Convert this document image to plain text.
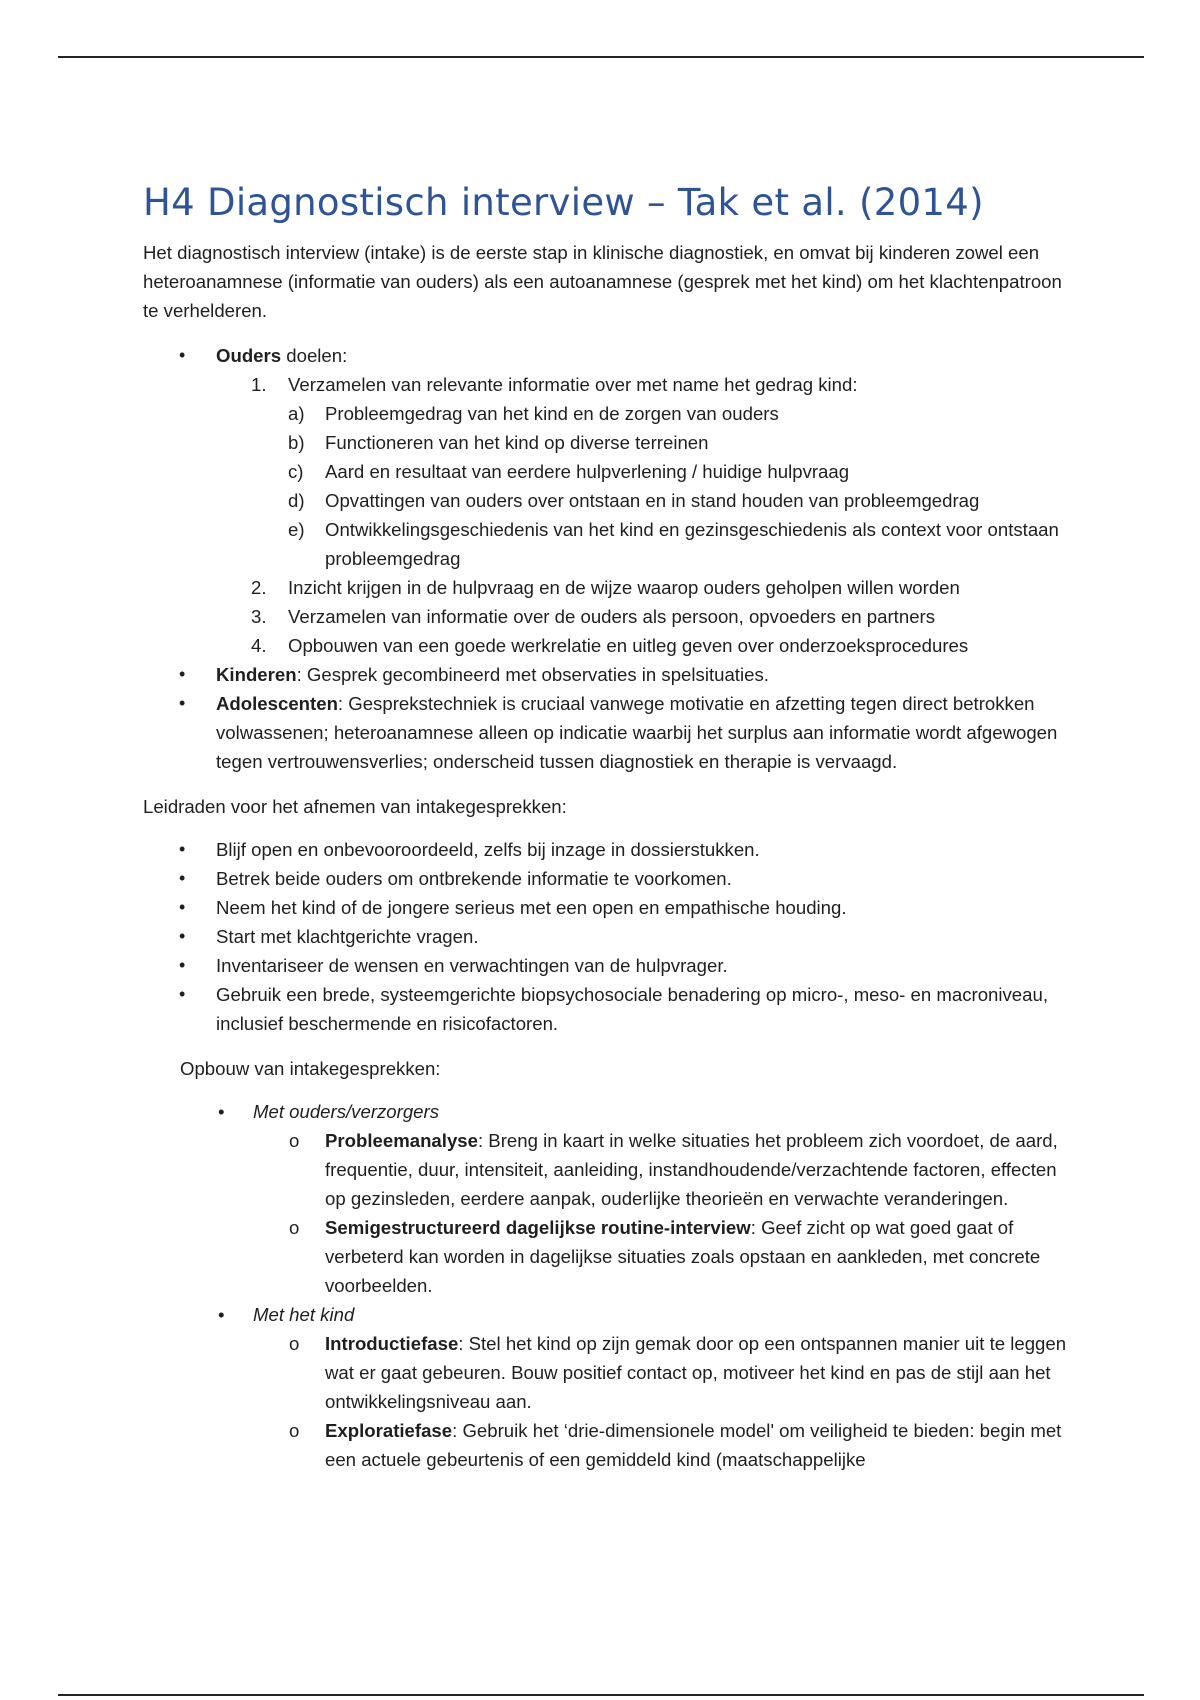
H4 Diagnostisch interview – Tak et al. (2014)

Het diagnostisch interview (intake) is de eerste stap in klinische diagnostiek, en omvat bij kinderen zowel een heteroanamnese (informatie van ouders) als een autoanamnese (gesprek met het kind) om het klachtenpatroon te verhelderen.

• Ouders doelen:
1. Verzamelen van relevante informatie over met name het gedrag kind:
a) Probleemgedrag van het kind en de zorgen van ouders
b) Functioneren van het kind op diverse terreinen
c) Aard en resultaat van eerdere hulpverlening / huidige hulpvraag
d) Opvattingen van ouders over ontstaan en in stand houden van probleemgedrag
e) Ontwikkelingsgeschiedenis van het kind en gezinsgeschiedenis als context voor ontstaan probleemgedrag
2. Inzicht krijgen in de hulpvraag en de wijze waarop ouders geholpen willen worden
3. Verzamelen van informatie over de ouders als persoon, opvoeders en partners
4. Opbouwen van een goede werkrelatie en uitleg geven over onderzoeksprocedures
• Kinderen: Gesprek gecombineerd met observaties in spelsituaties.
• Adolescenten: Gesprekstechniek is cruciaal vanwege motivatie en afzetting tegen direct betrokken volwassenen; heteroanamnese alleen op indicatie waarbij het surplus aan informatie wordt afgewogen tegen vertrouwensverlies; onderscheid tussen diagnostiek en therapie is vervaagd.

Leidraden voor het afnemen van intakegesprekken:

• Blijf open en onbevooroordeeld, zelfs bij inzage in dossierstukken.
• Betrek beide ouders om ontbrekende informatie te voorkomen.
• Neem het kind of de jongere serieus met een open en empathische houding.
• Start met klachtgerichte vragen.
• Inventariseer de wensen en verwachtingen van de hulpvrager.
• Gebruik een brede, systeemgerichte biopsychosociale benadering op micro-, meso- en macroniveau, inclusief beschermende en risicofactoren.

Opbouw van intakegesprekken:

• Met ouders/verzorgers
o Probleemanalyse: Breng in kaart in welke situaties het probleem zich voordoet, de aard, frequentie, duur, intensiteit, aanleiding, instandhoudende/verzachtende factoren, effecten op gezinsleden, eerdere aanpak, ouderlijke theorieën en verwachte veranderingen.
o Semigestructureerd dagelijkse routine-interview: Geef zicht op wat goed gaat of verbeterd kan worden in dagelijkse situaties zoals opstaan en aankleden, met concrete voorbeelden.
• Met het kind
o Introductiefase: Stel het kind op zijn gemak door op een ontspannen manier uit te leggen wat er gaat gebeuren. Bouw positief contact op, motiveer het kind en pas de stijl aan het ontwikkelingsniveau aan.
o Exploratiefase: Gebruik het ‘drie-dimensionele model' om veiligheid te bieden: begin met een actuele gebeurtenis of een gemiddeld kind (maatschappelijke
